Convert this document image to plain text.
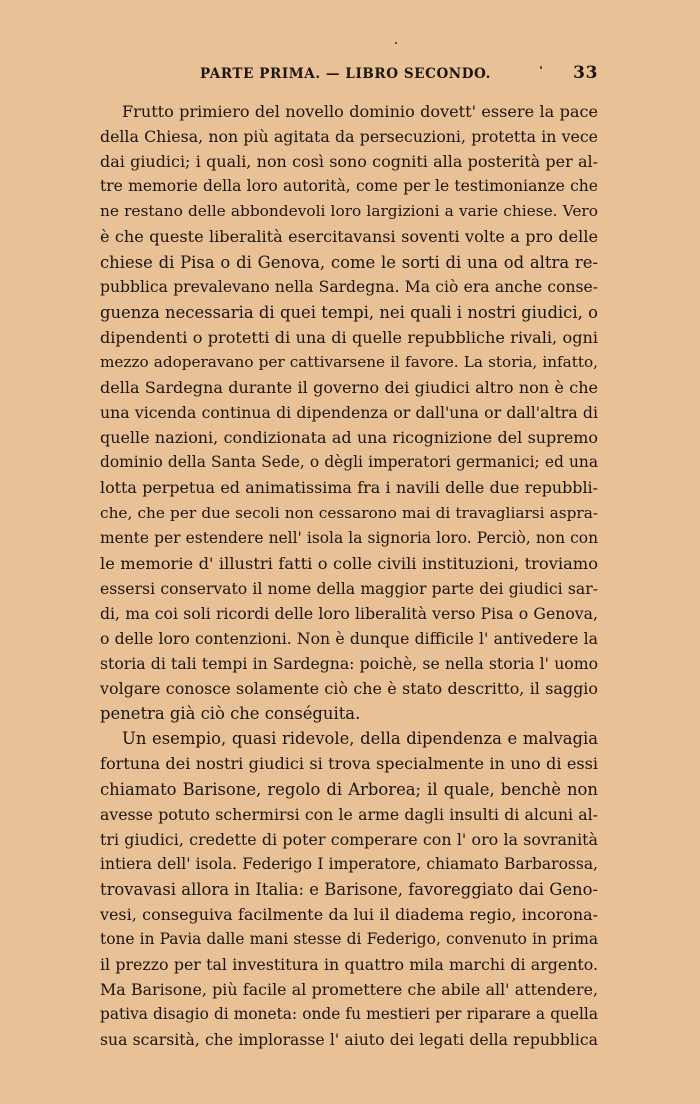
PARTE PRIMA. — LIBRO SECONDO.	33
Frutto primiero del novello dominio dovett' essere la pace
della Chiesa, non più agitata da persecuzioni, protetta in vece
dai giudici; i quali, non così sono cogniti alla posterità per al-
tre memorie della loro autorità, come per le testimonianze che
ne restano delle abbondevoli loro largizioni a varie chiese. Vero
è che queste liberalità esercitavansi soventi volte a pro delle
chiese di Pisa o di Genova, come le sorti di una od altra re-
pubblica prevalevano nella Sardegna. Ma ciò era anche conse-
guenza necessaria di quei tempi, nei quali i nostri giudici, o
dipendenti o protetti di una di quelle repubbliche rivali, ogni
mezzo adoperavano per cattivarsene il favore. La storia, infatto,
della Sardegna durante il governo dei giudici altro non è che
una vicenda continua di dipendenza or dall'una or dall'altra di
quelle nazioni, condizionata ad una ricognizione del supremo
dominio della Santa Sede, o dègli imperatori germanici; ed una
lotta perpetua ed animatissima fra i navili delle due repubbli-
che, che per due secoli non cessarono mai di travagliarsi aspra-
mente per estendere nell' isola la signoria loro. Perciò, non con
le memorie d' illustri fatti o colle civili instituzioni, troviamo
essersi conservato il nome della maggior parte dei giudici sar-
di, ma coi soli ricordi delle loro liberalità verso Pisa o Genova,
o delle loro contenzioni. Non è dunque difficile l' antivedere la
storia di tali tempi in Sardegna: poichè, se nella storia l' uomo
volgare conosce solamente ciò che è stato descritto, il saggio
penetra già ciò che conséguita.
Un esempio, quasi ridevole, della dipendenza e malvagia
fortuna dei nostri giudici si trova specialmente in uno di essi
chiamato Barisone, regolo di Arborea; il quale, benchè non
avesse potuto schermirsi con le arme dagli insulti di alcuni al-
tri giudici, credette di poter comperare con l' oro la sovranità
intiera dell' isola. Federigo I imperatore, chiamato Barbarossa,
trovavasi allora in Italia: e Barisone, favoreggiato dai Geno-
vesi, conseguiva facilmente da lui il diadema regio, incorona-
tone in Pavia dalle mani stesse di Federigo, convenuto in prima
il prezzo per tal investitura in quattro mila marchi di argento.
Ma Barisone, più facile al promettere che abile all' attendere,
pativa disagio di moneta: onde fu mestieri per riparare a quella
sua scarsità, che implorasse l' aiuto dei legati della repubblica
